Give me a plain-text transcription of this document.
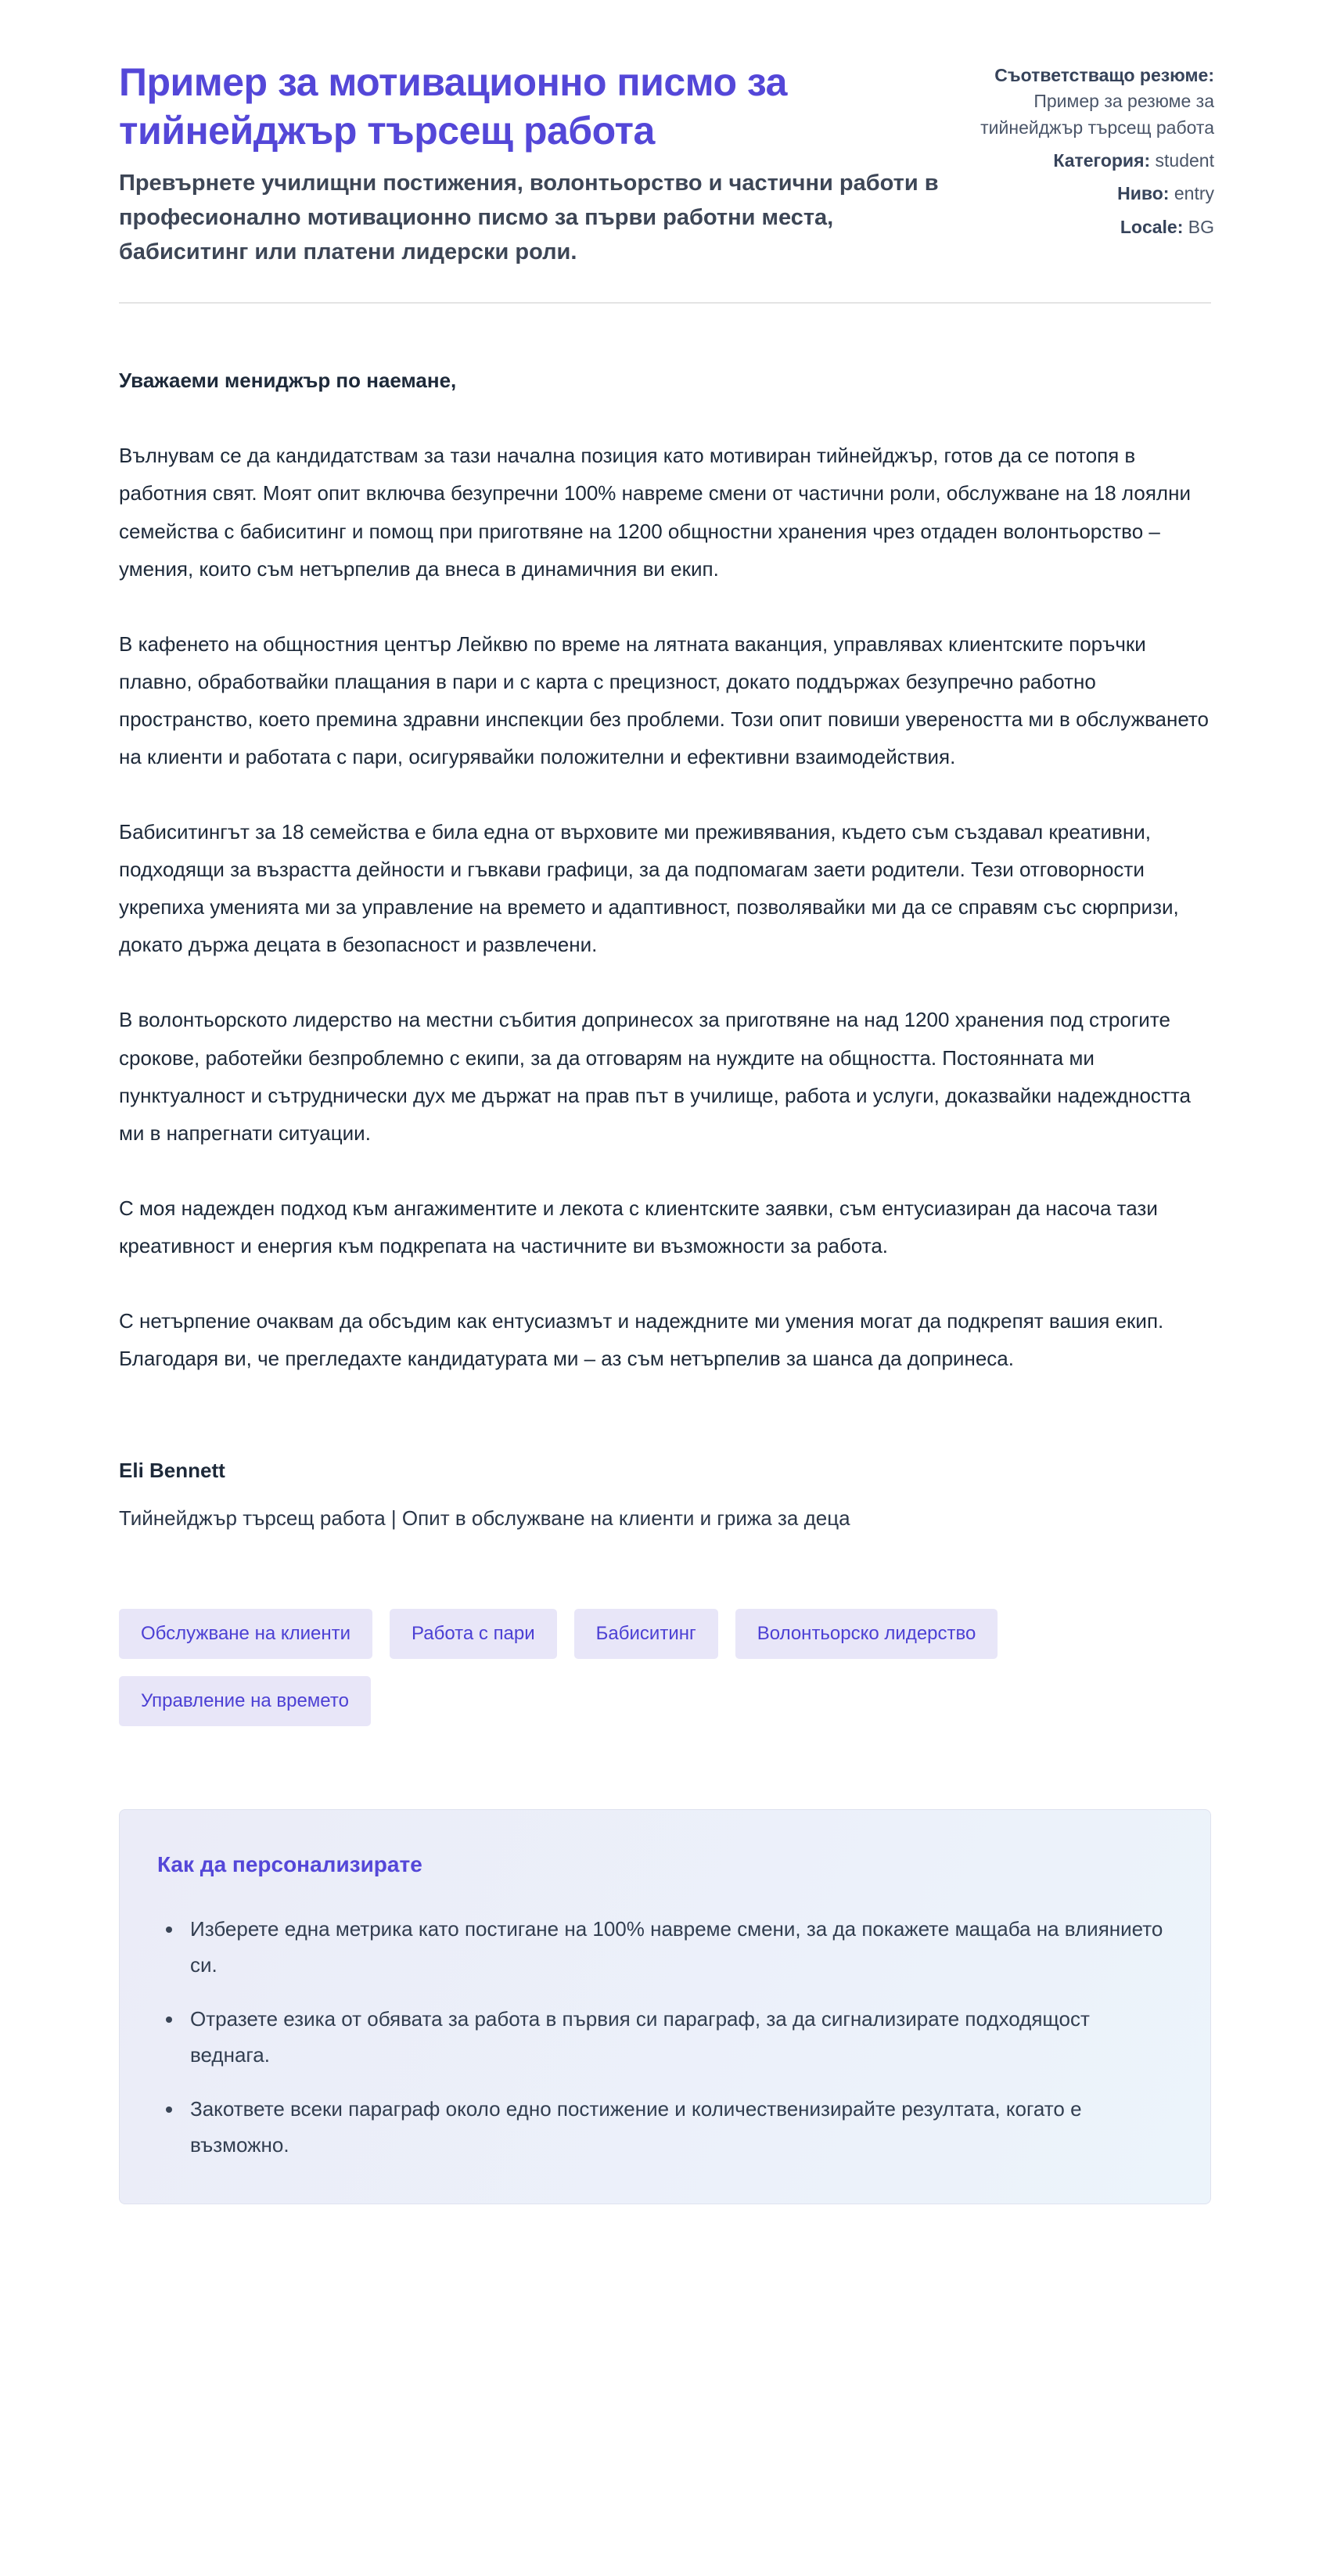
Пример за мотивационно писмо за тийнейджър търсещ работа
Превърнете училищни постижения, волонтьорство и частични работи в професионално мотивационно писмо за първи работни места, бабиситинг или платени лидерски роли.
Съответстващо резюме: Пример за резюме за тийнейджър търсещ работа
Категория: student
Ниво: entry
Locale: BG

Уважаеми мениджър по наемане,

Вълнувам се да кандидатствам за тази начална позиция като мотивиран тийнейджър, готов да се потопя в работния свят. Моят опит включва безупречни 100% навреме смени от частични роли, обслужване на 18 лоялни семейства с бабиситинг и помощ при приготвяне на 1200 общностни хранения чрез отдаден волонтьорство – умения, които съм нетърпелив да внеса в динамичния ви екип.

В кафенето на общностния център Лейквю по време на лятната ваканция, управлявах клиентските поръчки плавно, обработвайки плащания в пари и с карта с прецизност, докато поддържах безупречно работно пространство, което премина здравни инспекции без проблеми. Този опит повиши увереността ми в обслужването на клиенти и работата с пари, осигурявайки положителни и ефективни взаимодействия.

Бабиситингът за 18 семейства е била една от върховите ми преживявания, където съм създавал креативни, подходящи за възрастта дейности и гъвкави графици, за да подпомагам заети родители. Тези отговорности укрепиха уменията ми за управление на времето и адаптивност, позволявайки ми да се справям със сюрпризи, докато държа децата в безопасност и развлечени.

В волонтьорското лидерство на местни събития допринесох за приготвяне на над 1200 хранения под строгите срокове, работейки безпроблемно с екипи, за да отговарям на нуждите на общността. Постоянната ми пунктуалност и сътруднически дух ме държат на прав път в училище, работа и услуги, доказвайки надеждността ми в напрегнати ситуации.

С моя надежден подход към ангажиментите и лекота с клиентските заявки, съм ентусиазиран да насоча тази креативност и енергия към подкрепата на частичните ви възможности за работа.

С нетърпение очаквам да обсъдим как ентусиазмът и надеждните ми умения могат да подкрепят вашия екип. Благодаря ви, че прегледахте кандидатурата ми – аз съм нетърпелив за шанса да допринеса.

Eli Bennett
Тийнейджър търсещ работа | Опит в обслужване на клиенти и грижа за деца
Обслужване на клиенти	Работа с пари	Бабиситинг	Волонтьорско лидерство
Управление на времето
Как да персонализирате
• Изберете една метрика като постигане на 100% навреме смени, за да покажете мащаба на влиянието си.
• Отразете езика от обявата за работа в първия си параграф, за да сигнализирате подходящост веднага.
• Закответе всеки параграф около едно постижение и количественизирайте резултата, когато е възможно.
